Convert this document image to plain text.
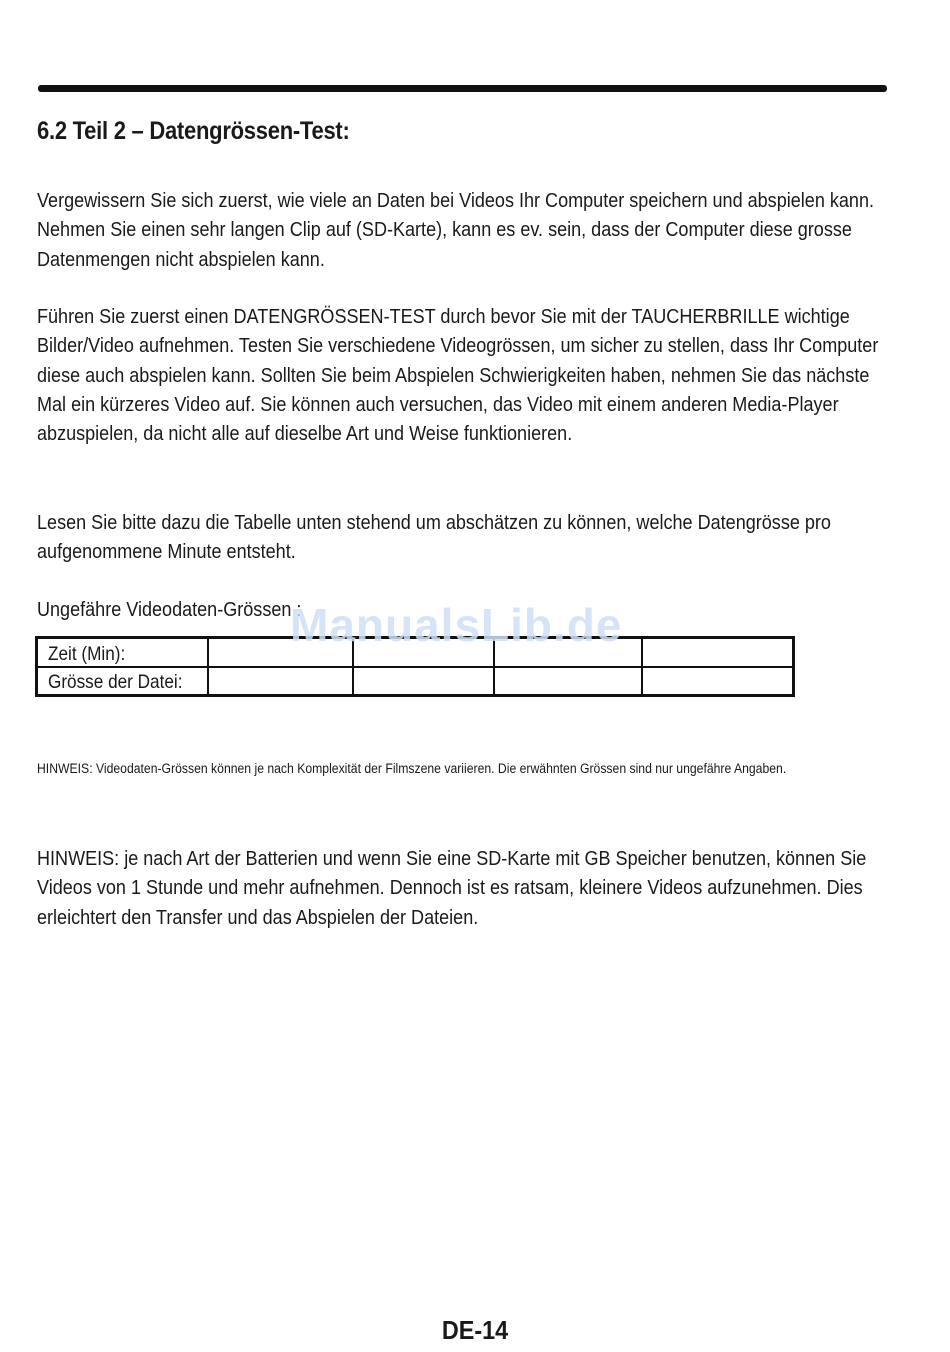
6.2 Teil 2 – Datengrössen-Test:

Vergewissern Sie sich zuerst, wie viele an Daten bei Videos Ihr Computer speichern und abspielen kann. Nehmen Sie einen sehr langen Clip auf (SD-Karte), kann es ev. sein, dass der Computer diese grosse Datenmengen nicht abspielen kann.

Führen Sie zuerst einen DATENGRÖSSEN-TEST durch bevor Sie mit der TAUCHERBRILLE wichtige Bilder/Video aufnehmen. Testen Sie verschiedene Videogrössen, um sicher zu stellen, dass Ihr Computer diese auch abspielen kann. Sollten Sie beim Abspielen Schwierigkeiten haben, nehmen Sie das nächste Mal ein kürzeres Video auf. Sie können auch versuchen, das Video mit einem anderen Media-Player abzuspielen, da nicht alle auf dieselbe Art und Weise funktionieren.

Lesen Sie bitte dazu die Tabelle unten stehend um abschätzen zu können, welche Datengrösse pro aufgenommene Minute entsteht.

Ungefähre Videodaten-Grössen :

Zeit (Min):				
Grösse der Datei:				
ManualsLib.de

HINWEIS: Videodaten-Grössen können je nach Komplexität der Filmszene variieren. Die erwähnten Grössen sind nur ungefähre Angaben.

HINWEIS: je nach Art der Batterien und wenn Sie eine SD-Karte mit GB Speicher benutzen, können Sie Videos von 1 Stunde und mehr aufnehmen. Dennoch ist es ratsam, kleinere Videos aufzunehmen. Dies erleichtert den Transfer und das Abspielen der Dateien.

DE-14
